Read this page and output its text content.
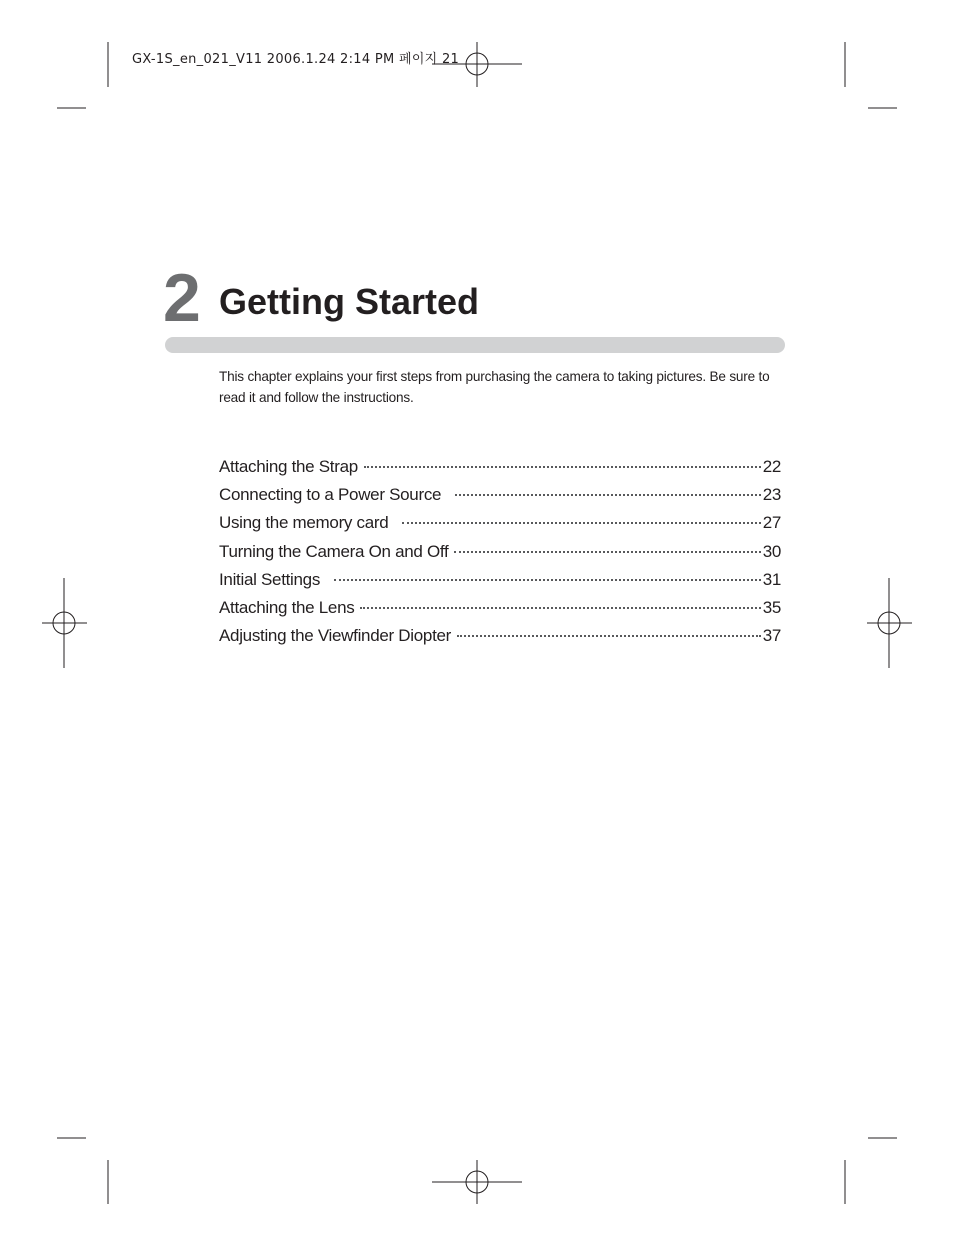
GX-1S_en_021_V11 2006.1.24 2:14 PM 페이지 21
2 Getting Started

This chapter explains your first steps from purchasing the camera to taking pictures. Be sure to read it and follow the instructions.

Attaching the Strap	22
Connecting to a Power Source	23
Using the memory card	27
Turning the Camera On and Off	30
Initial Settings	31
Attaching the Lens	35
Adjusting the Viewfinder Diopter	37
